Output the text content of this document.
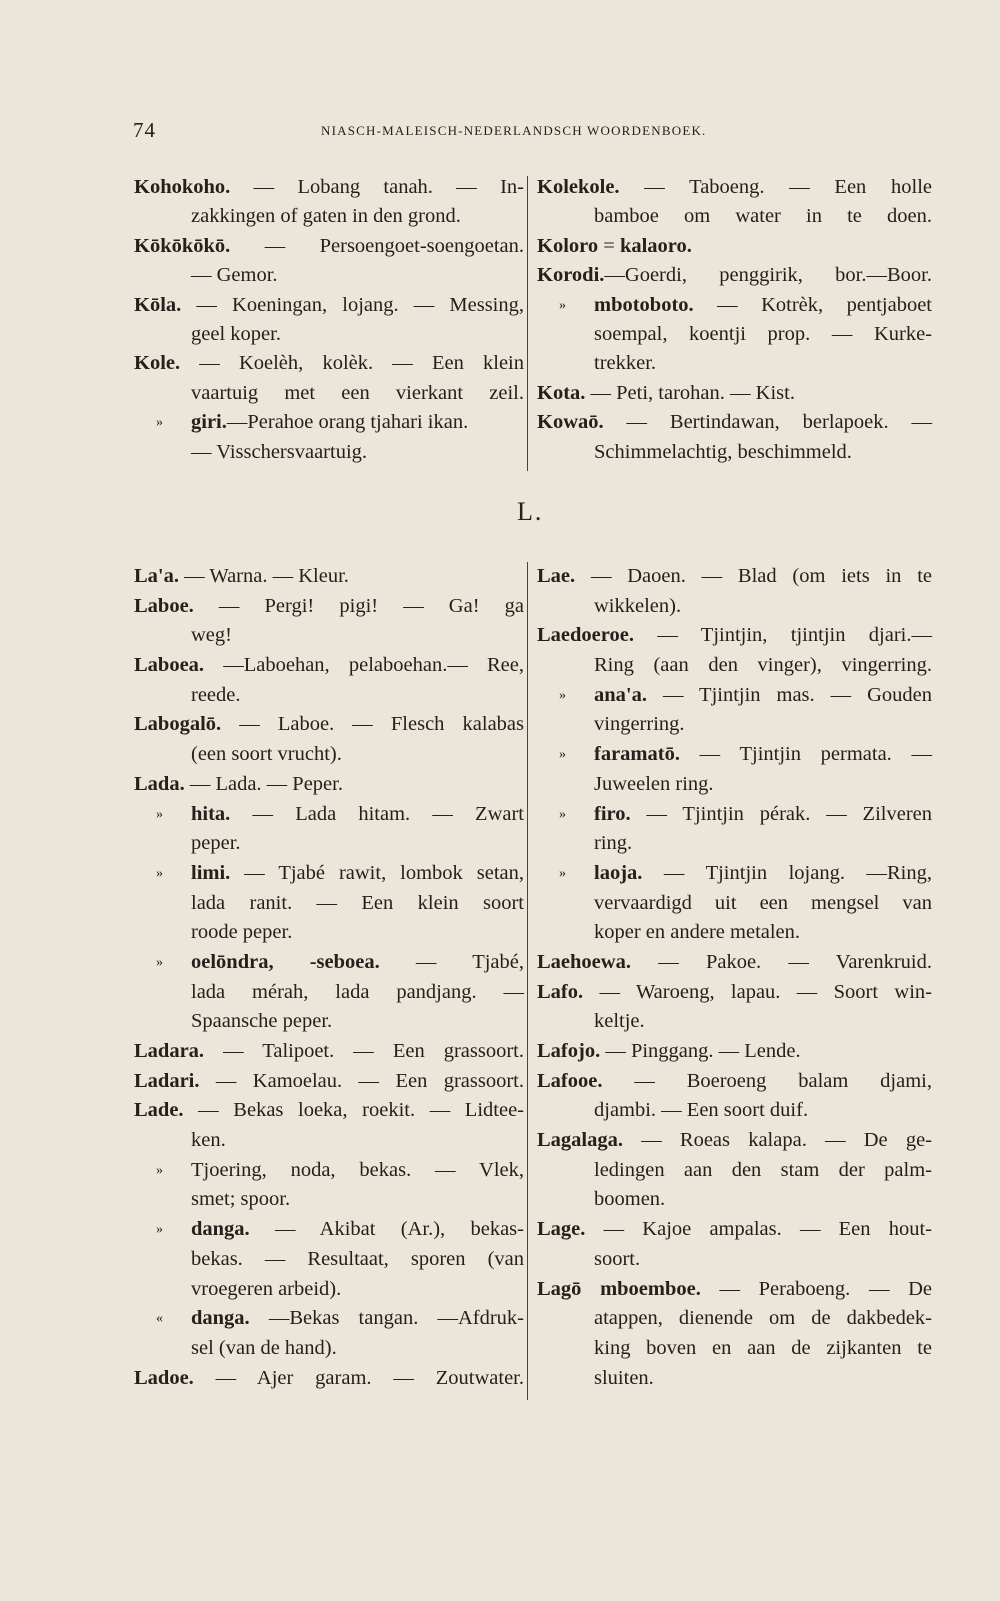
74	NIASCH-MALEISCH-NEDERLANDSCH WOORDENBOEK.
Kohokoho. — Lobang tanah. — In-
zakkingen of gaten in den grond.
Kōkōkōkō. — Persoengoet-soengoetan.
— Gemor.
Kōla. — Koeningan, lojang. — Messing,
geel koper.
Kole. — Koelèh, kolèk. — Een klein
vaartuig met een vierkant zeil.
» giri.—Perahoe orang tjahari ikan.
— Visschersvaartuig.
Kolekole. — Taboeng. — Een holle
bamboe om water in te doen.
Koloro = kalaoro.
Korodi.—Goerdi, penggirik, bor.—Boor.
» mbotoboto. — Kotrèk, pentjaboet
soempal, koentji prop. — Kurke-
trekker.
Kota. — Peti, tarohan. — Kist.
Kowaō. — Bertindawan, berlapoek. —
Schimmelachtig, beschimmeld.
L.
La'a. — Warna. — Kleur.
Laboe. — Pergi! pigi! — Ga! ga
weg!
Laboea. —Laboehan, pelaboehan.— Ree,
reede.
Labogalō. — Laboe. — Flesch kalabas
(een soort vrucht).
Lada. — Lada. — Peper.
» hita. — Lada hitam. — Zwart
peper.
» limi. — Tjabé rawit, lombok setan,
lada ranit. — Een klein soort
roode peper.
» oelōndra, -seboea. — Tjabé,
lada mérah, lada pandjang. —
Spaansche peper.
Ladara. — Talipoet. — Een grassoort.
Ladari. — Kamoelau. — Een grassoort.
Lade. — Bekas loeka, roekit. — Lidtee-
ken.
» Tjoering, noda, bekas. — Vlek,
smet; spoor.
» danga. — Akibat (Ar.), bekas-
bekas. — Resultaat, sporen (van
vroegeren arbeid).
« danga. —Bekas tangan. —Afdruk-
sel (van de hand).
Ladoe. — Ajer garam. — Zoutwater.
Lae. — Daoen. — Blad (om iets in te
wikkelen).
Laedoeroe. — Tjintjin, tjintjin djari.—
Ring (aan den vinger), vingerring.
» ana'a. — Tjintjin mas. — Gouden
vingerring.
» faramatō. — Tjintjin permata. —
Juweelen ring.
» firo. — Tjintjin pérak. — Zilveren
ring.
» laoja. — Tjintjin lojang. —Ring,
vervaardigd uit een mengsel van
koper en andere metalen.
Laehoewa. — Pakoe. — Varenkruid.
Lafo. — Waroeng, lapau. — Soort win-
keltje.
Lafojo. — Pinggang. — Lende.
Lafooe. — Boeroeng balam djami,
djambi. — Een soort duif.
Lagalaga. — Roeas kalapa. — De ge-
ledingen aan den stam der palm-
boomen.
Lage. — Kajoe ampalas. — Een hout-
soort.
Lagō mboemboe. — Peraboeng. — De
atappen, dienende om de dakbedek-
king boven en aan de zijkanten te
sluiten.
